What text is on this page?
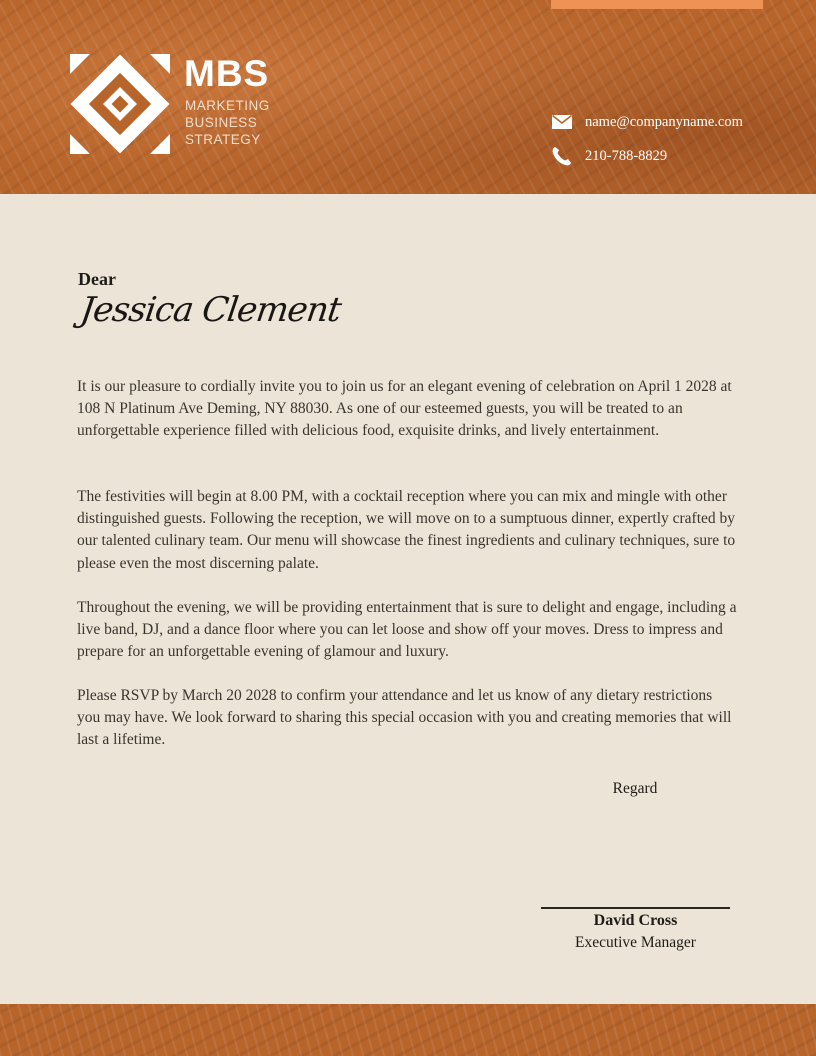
MBS
MARKETING
BUSINESS
STRATEGY
name@companyname.com
210-788-8829
Dear
Jessica Clement

It is our pleasure to cordially invite you to join us for an elegant evening of celebration on April 1 2028 at 108 N Platinum Ave Deming, NY 88030. As one of our esteemed guests, you will be treated to an unforgettable experience filled with delicious food, exquisite drinks, and lively entertainment.

The festivities will begin at 8.00 PM, with a cocktail reception where you can mix and mingle with other distinguished guests. Following the reception, we will move on to a sumptuous dinner, expertly crafted by our talented culinary team. Our menu will showcase the finest ingredients and culinary techniques, sure to please even the most discerning palate.

Throughout the evening, we will be providing entertainment that is sure to delight and engage, including a live band, DJ, and a dance floor where you can let loose and show off your moves. Dress to impress and prepare for an unforgettable evening of glamour and luxury.

Please RSVP by March 20 2028 to confirm your attendance and let us know of any dietary restrictions you may have. We look forward to sharing this special occasion with you and creating memories that will last a lifetime.

Regard
David Cross
Executive Manager
